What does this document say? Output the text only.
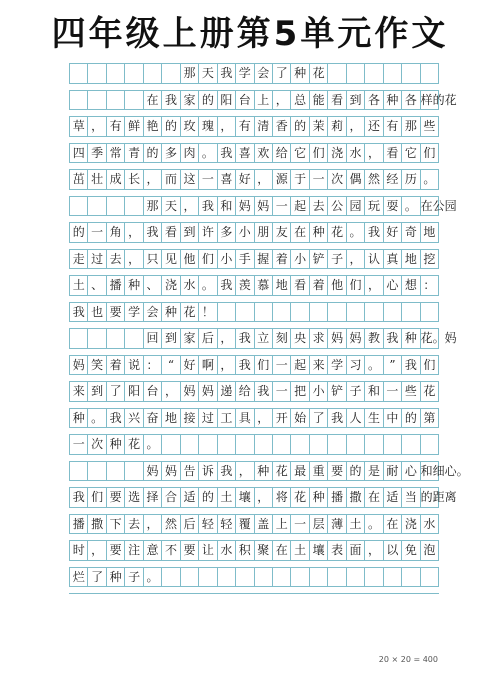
四年级上册第5单元作文
那 天 我 学 会 了 种 花
在 我 家 的 阳 台 上 ， 总 能 看 到 各 种 各 样的花
草 ， 有 鲜 艳 的 玫 瑰 ， 有 清 香 的 茉 莉 ， 还 有 那 些
四 季 常 青 的 多 肉 。 我 喜 欢 给 它 们 浇 水 ， 看 它 们
茁 壮 成 长 ， 而 这 一 喜 好 ， 源 于 一 次 偶 然 经 历 。
那 天 ， 我 和 妈 妈 一 起 去 公 园 玩 耍 。 在公园
的 一 角 ， 我 看 到 许 多 小 朋 友 在 种 花 。 我 好 奇 地
走 过 去 ， 只 见 他 们 小 手 握 着 小 铲 子 ， 认 真 地 挖
土 、 播 种 、 浇 水 。 我 羡 慕 地 看 着 他 们 ， 心 想 ：
我 也 要 学 会 种 花 ！
回 到 家 后 ， 我 立 刻 央 求 妈 妈 教 我 种 花。妈
妈 笑 着 说 ： “ 好 啊 ， 我 们 一 起 来 学 习 。 ” 我 们
来 到 了 阳 台 ， 妈 妈 递 给 我 一 把 小 铲 子 和 一 些 花
种 。 我 兴 奋 地 接 过 工 具 ， 开 始 了 我 人 生 中 的 第
一 次 种 花 。
妈 妈 告 诉 我 ， 种 花 最 重 要 的 是 耐 心 和细心。
我 们 要 选 择 合 适 的 土 壤 ， 将 花 种 播 撒 在 适 当 的距离
播 撒 下 去 ， 然 后 轻 轻 覆 盖 上 一 层 薄 土 。 在 浇 水
时 ， 要 注 意 不 要 让 水 积 聚 在 土 壤 表 面 ， 以 免 泡
烂 了 种 子 。
20 × 20 = 400
